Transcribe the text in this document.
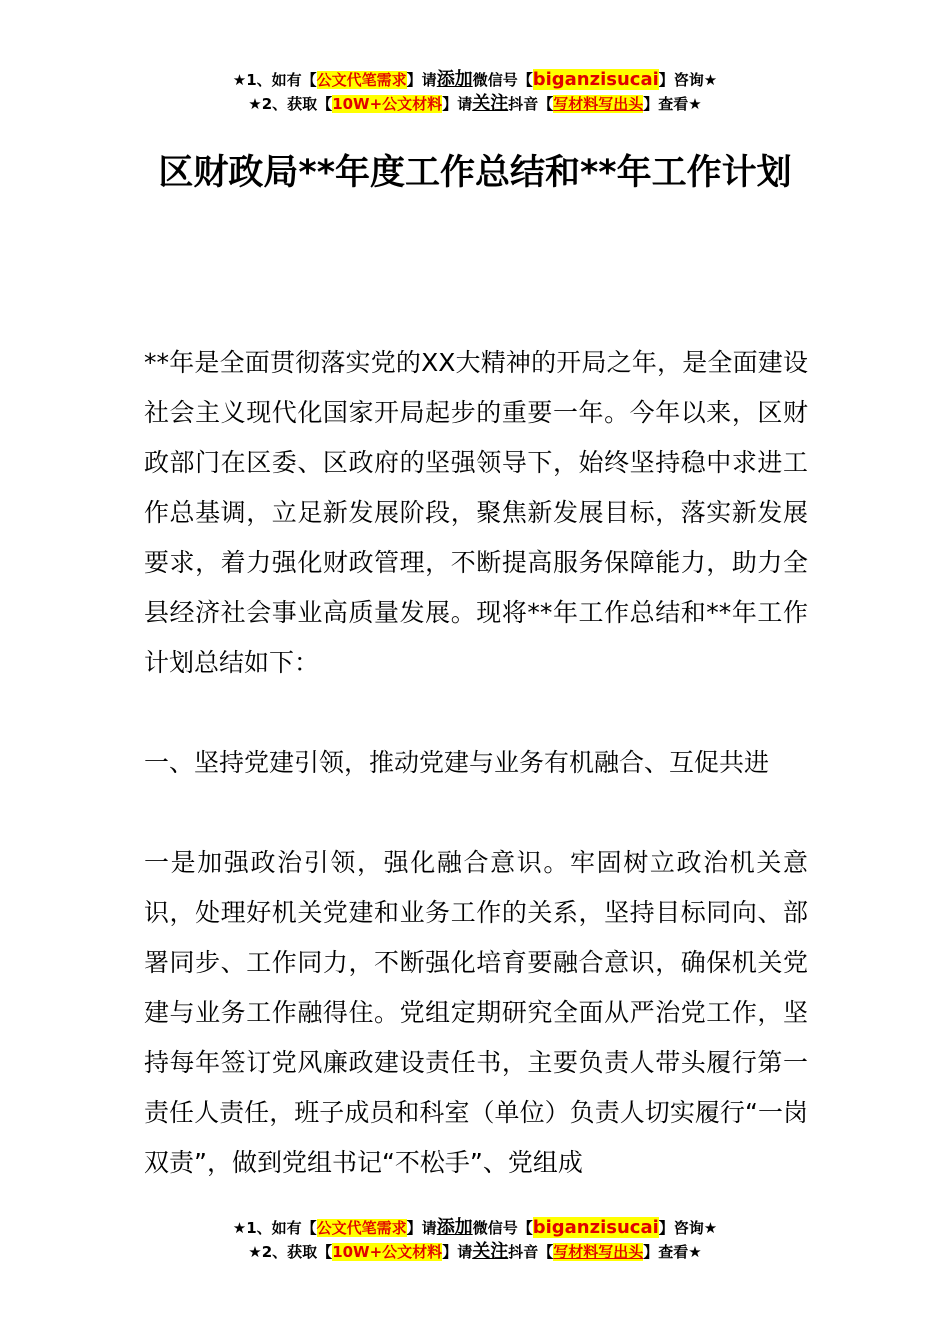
★1、如有【公文代笔需求】请添加微信号【biganzisucai】咨询★
★2、获取【10W+公文材料】请关注抖音【写材料写出头】查看★
区财政局**年度工作总结和**年工作计划
**年是全面贯彻落实党的XX大精神的开局之年，是全面建设社会主义现代化国家开局起步的重要一年。今年以来，区财政部门在区委、区政府的坚强领导下，始终坚持稳中求进工作总基调，立足新发展阶段，聚焦新发展目标，落实新发展要求，着力强化财政管理，不断提高服务保障能力，助力全县经济社会事业高质量发展。现将**年工作总结和**年工作计划总结如下：
一、坚持党建引领，推动党建与业务有机融合、互促共进
一是加强政治引领，强化融合意识。牢固树立政治机关意识，处理好机关党建和业务工作的关系，坚持目标同向、部署同步、工作同力，不断强化培育要融合意识，确保机关党建与业务工作融得住。党组定期研究全面从严治党工作，坚持每年签订党风廉政建设责任书，主要负责人带头履行第一责任人责任，班子成员和科室（单位）负责人切实履行“一岗双责”，做到党组书记“不松手”、党组成
★1、如有【公文代笔需求】请添加微信号【biganzisucai】咨询★
★2、获取【10W+公文材料】请关注抖音【写材料写出头】查看★
